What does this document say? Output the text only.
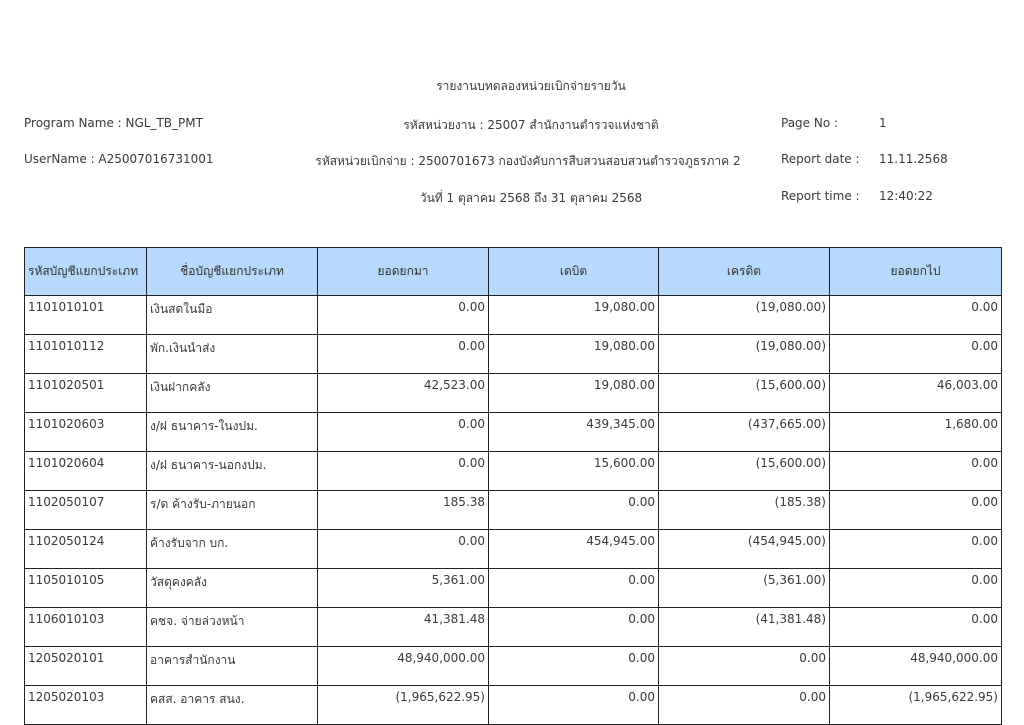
รายงานบทดลองหน่วยเบิกจ่ายรายวัน
Program Name : NGL_TB_PMT
UserName : A25007016731001
รหัสหน่วยงาน : 25007 สำนักงานตำรวจแห่งชาติ
รหัสหน่วยเบิกจ่าย : 2500701673 กองบังคับการสืบสวนสอบสวนตำรวจภูธรภาค 2
วันที่ 1 ตุลาคม 2568 ถึง 31 ตุลาคม 2568
Page No :	1
Report date : 11.11.2568
Report time : 12:40:22
รหัสบัญชีแยกประเภท	ชื่อบัญชีแยกประเภท	ยอดยกมา	เดบิต	เครดิต	ยอดยกไป
1101010101	เงินสดในมือ	0.00	19,080.00	(19,080.00)	0.00
1101010112	พัก.เงินนำส่ง	0.00	19,080.00	(19,080.00)	0.00
1101020501	เงินฝากคลัง	42,523.00	19,080.00	(15,600.00)	46,003.00
1101020603	ง/ฝ ธนาคาร-ในงปม.	0.00	439,345.00	(437,665.00)	1,680.00
1101020604	ง/ฝ ธนาคาร-นอกงปม.	0.00	15,600.00	(15,600.00)	0.00
1102050107	ร/ด ค้างรับ-ภายนอก	185.38	0.00	(185.38)	0.00
1102050124	ค้างรับจาก บก.	0.00	454,945.00	(454,945.00)	0.00
1105010105	วัสดุคงคลัง	5,361.00	0.00	(5,361.00)	0.00
1106010103	คชจ. จ่ายล่วงหน้า	41,381.48	0.00	(41,381.48)	0.00
1205020101	อาคารสำนักงาน	48,940,000.00	0.00	0.00	48,940,000.00
1205020103	คสส. อาคาร สนง.	(1,965,622.95)	0.00	0.00	(1,965,622.95)
